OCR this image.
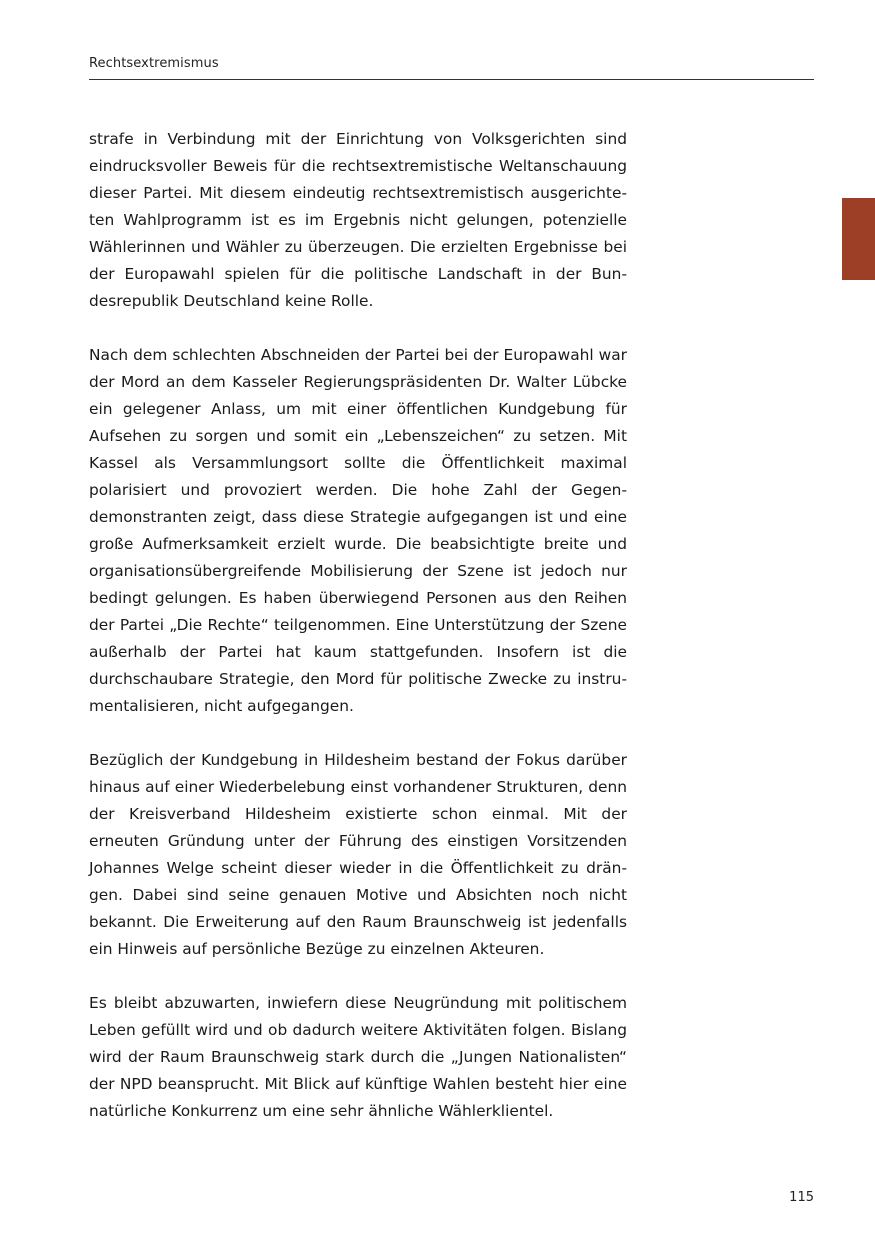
Rechtsextremismus

strafe in Verbindung mit der Einrichtung von Volksgerichten sind eindrucksvoller Beweis für die rechtsextremistische Weltanschauung dieser Partei. Mit diesem eindeutig rechtsextremistisch ausgerichteten Wahlprogramm ist es im Ergebnis nicht gelungen, potenzielle Wählerinnen und Wähler zu überzeugen. Die erzielten Ergebnisse bei der Europawahl spielen für die politische Landschaft in der Bundesrepublik Deutschland keine Rolle.

Nach dem schlechten Abschneiden der Partei bei der Europawahl war der Mord an dem Kasseler Regierungspräsidenten Dr. Walter Lübcke ein gelegener Anlass, um mit einer öffentlichen Kundgebung für Aufsehen zu sorgen und somit ein „Lebenszeichen“ zu setzen. Mit Kassel als Versammlungsort sollte die Öffentlichkeit maximal polarisiert und provoziert werden. Die hohe Zahl der Gegendemonstranten zeigt, dass diese Strategie aufgegangen ist und eine große Aufmerksamkeit erzielt wurde. Die beabsichtigte breite und organisationsübergreifende Mobilisierung der Szene ist jedoch nur bedingt gelungen. Es haben überwiegend Personen aus den Reihen der Partei „Die Rechte“ teilgenommen. Eine Unterstützung der Szene außerhalb der Partei hat kaum stattgefunden. Insofern ist die durchschaubare Strategie, den Mord für politische Zwecke zu instrumentalisieren, nicht aufgegangen.

Bezüglich der Kundgebung in Hildesheim bestand der Fokus darüber hinaus auf einer Wiederbelebung einst vorhandener Strukturen, denn der Kreisverband Hildesheim existierte schon einmal. Mit der erneuten Gründung unter der Führung des einstigen Vorsitzenden Johannes Welge scheint dieser wieder in die Öffentlichkeit zu drängen. Dabei sind seine genauen Motive und Absichten noch nicht bekannt. Die Erweiterung auf den Raum Braunschweig ist jedenfalls ein Hinweis auf persönliche Bezüge zu einzelnen Akteuren.

Es bleibt abzuwarten, inwiefern diese Neugründung mit politischem Leben gefüllt wird und ob dadurch weitere Aktivitäten folgen. Bislang wird der Raum Braunschweig stark durch die „Jungen Nationalisten“ der NPD beansprucht. Mit Blick auf künftige Wahlen besteht hier eine natürliche Konkurrenz um eine sehr ähnliche Wählerklientel.

115
